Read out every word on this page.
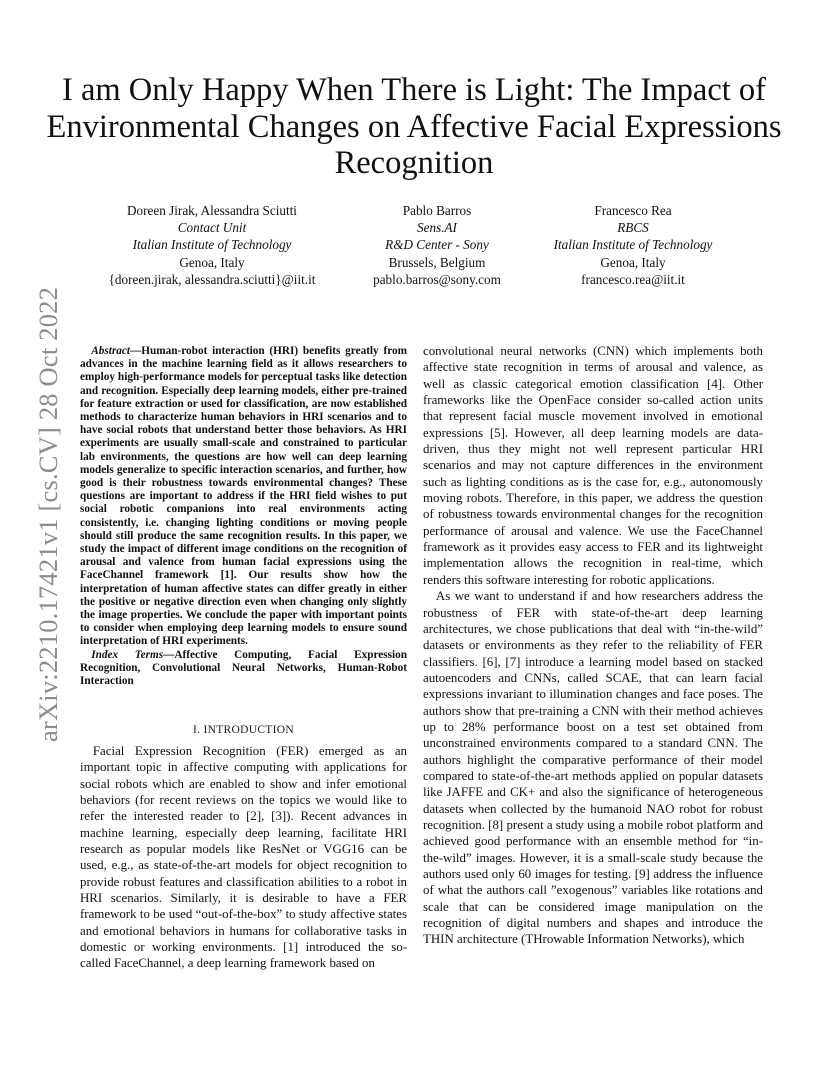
arXiv:2210.17421v1 [cs.CV] 28 Oct 2022
I am Only Happy When There is Light: The Impact of Environmental Changes on Affective Facial Expressions Recognition
Doreen Jirak, Alessandra Sciutti
Contact Unit
Italian Institute of Technology
Genoa, Italy
{doreen.jirak, alessandra.sciutti}@iit.it
Pablo Barros
Sens.AI
R&D Center - Sony
Brussels, Belgium
pablo.barros@sony.com
Francesco Rea
RBCS
Italian Institute of Technology
Genoa, Italy
francesco.rea@iit.it

Abstract—Human-robot interaction (HRI) benefits greatly from advances in the machine learning field as it allows researchers to employ high-performance models for perceptual tasks like detection and recognition. Especially deep learning models, either pre-trained for feature extraction or used for classification, are now established methods to characterize human behaviors in HRI scenarios and to have social robots that understand better those behaviors. As HRI experiments are usually small-scale and constrained to particular lab environments, the questions are how well can deep learning models generalize to specific interaction scenarios, and further, how good is their robustness towards environmental changes? These questions are important to address if the HRI field wishes to put social robotic companions into real environments acting consistently, i.e. changing lighting conditions or moving people should still produce the same recognition results. In this paper, we study the impact of different image conditions on the recognition of arousal and valence from human facial expressions using the FaceChannel framework [1]. Our results show how the interpretation of human affective states can differ greatly in either the positive or negative direction even when changing only slightly the image properties. We conclude the paper with important points to consider when employing deep learning models to ensure sound interpretation of HRI experiments.

Index Terms—Affective Computing, Facial Expression Recognition, Convolutional Neural Networks, Human-Robot Interaction

I. INTRODUCTION

Facial Expression Recognition (FER) emerged as an important topic in affective computing with applications for social robots which are enabled to show and infer emotional behaviors (for recent reviews on the topics we would like to refer the interested reader to [2], [3]). Recent advances in machine learning, especially deep learning, facilitate HRI research as popular models like ResNet or VGG16 can be used, e.g., as state-of-the-art models for object recognition to provide robust features and classification abilities to a robot in HRI scenarios. Similarly, it is desirable to have a FER framework to be used “out-of-the-box” to study affective states and emotional behaviors in humans for collaborative tasks in domestic or working environments. [1] introduced the so-called FaceChannel, a deep learning framework based on

convolutional neural networks (CNN) which implements both affective state recognition in terms of arousal and valence, as well as classic categorical emotion classification [4]. Other frameworks like the OpenFace consider so-called action units that represent facial muscle movement involved in emotional expressions [5]. However, all deep learning models are data-driven, thus they might not well represent particular HRI scenarios and may not capture differences in the environment such as lighting conditions as is the case for, e.g., autonomously moving robots. Therefore, in this paper, we address the question of robustness towards environmental changes for the recognition performance of arousal and valence. We use the FaceChannel framework as it provides easy access to FER and its lightweight implementation allows the recognition in real-time, which renders this software interesting for robotic applications.

As we want to understand if and how researchers address the robustness of FER with state-of-the-art deep learning architectures, we chose publications that deal with “in-the-wild” datasets or environments as they refer to the reliability of FER classifiers. [6], [7] introduce a learning model based on stacked autoencoders and CNNs, called SCAE, that can learn facial expressions invariant to illumination changes and face poses. The authors show that pre-training a CNN with their method achieves up to 28% performance boost on a test set obtained from unconstrained environments compared to a standard CNN. The authors highlight the comparative performance of their model compared to state-of-the-art methods applied on popular datasets like JAFFE and CK+ and also the significance of heterogeneous datasets when collected by the humanoid NAO robot for robust recognition. [8] present a study using a mobile robot platform and achieved good performance with an ensemble method for “in-the-wild” images. However, it is a small-scale study because the authors used only 60 images for testing. [9] address the influence of what the authors call ”exogenous” variables like rotations and scale that can be considered image manipulation on the recognition of digital numbers and shapes and introduce the THIN architecture (THrowable Information Networks), which
